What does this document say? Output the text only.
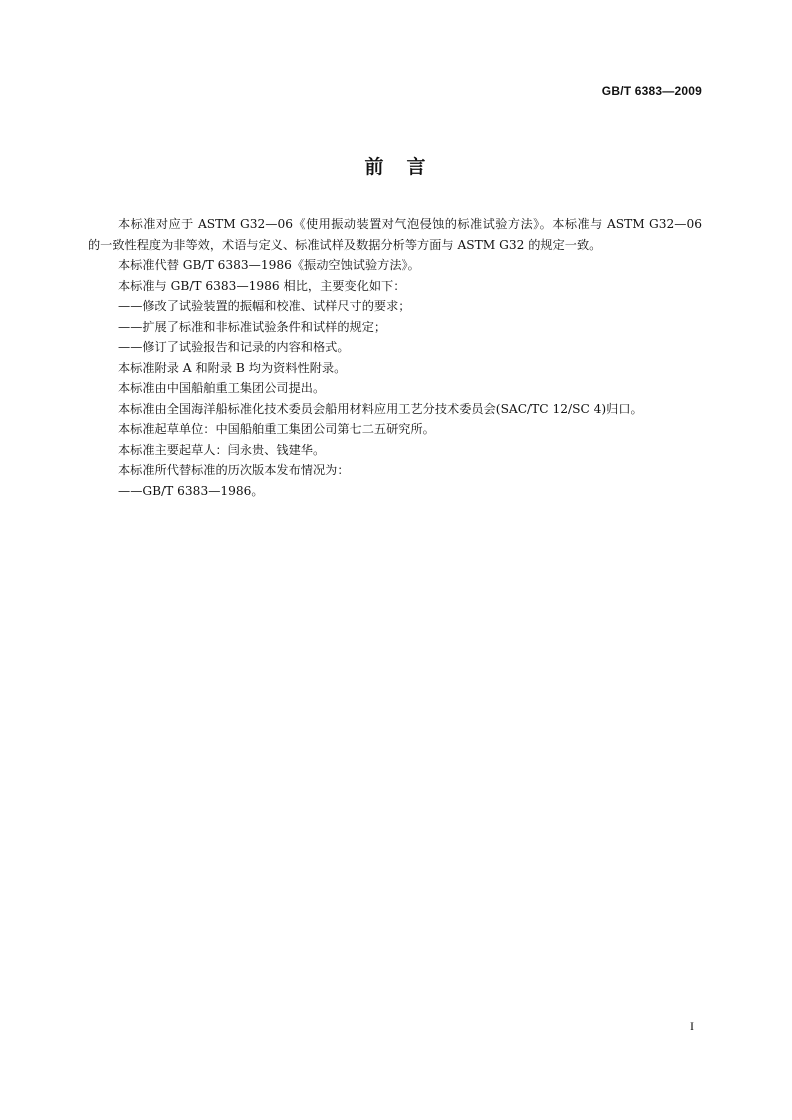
GB/T 6383—2009
前　言

本标准对应于 ASTM G32—06《使用振动装置对气泡侵蚀的标准试验方法》。本标准与 ASTM G32—06 的一致性程度为非等效，术语与定义、标准试样及数据分析等方面与 ASTM G32 的规定一致。

本标准代替 GB/T 6383—1986《振动空蚀试验方法》。

本标准与 GB/T 6383—1986 相比，主要变化如下：

——修改了试验装置的振幅和校准、试样尺寸的要求；

——扩展了标准和非标准试验条件和试样的规定；

——修订了试验报告和记录的内容和格式。

本标准附录 A 和附录 B 均为资料性附录。

本标准由中国船舶重工集团公司提出。

本标准由全国海洋船标准化技术委员会船用材料应用工艺分技术委员会(SAC/TC 12/SC 4)归口。

本标准起草单位：中国船舶重工集团公司第七二五研究所。

本标准主要起草人：闫永贵、钱建华。

本标准所代替标准的历次版本发布情况为：

——GB/T 6383—1986。

I
